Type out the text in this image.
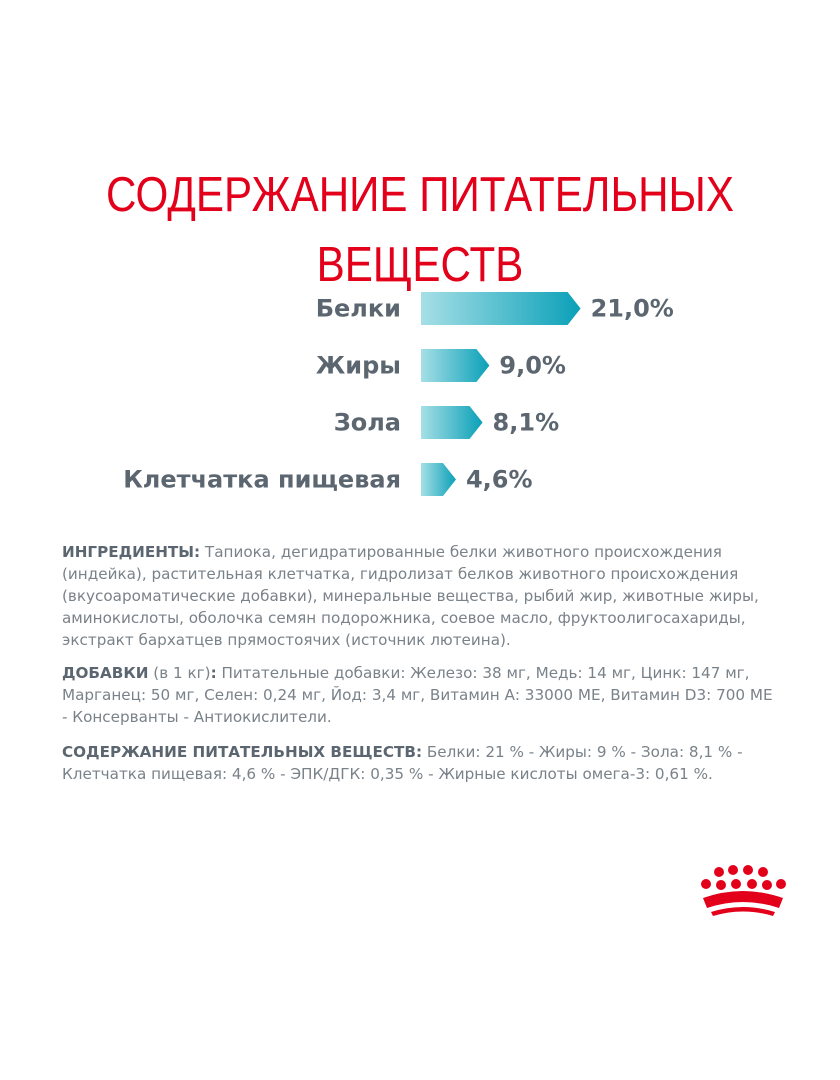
СОДЕРЖАНИЕ ПИТАТЕЛЬНЫХ ВЕЩЕСТВ
Белки	21,0%
Жиры	9,0%
Зола	8,1%
Клетчатка пищевая	4,6%

ИНГРЕДИЕНТЫ: Тапиока, дегидратированные белки животного происхождения (индейка), растительная клетчатка, гидролизат белков животного происхождения (вкусоароматические добавки), минеральные вещества, рыбий жир, животные жиры, аминокислоты, оболочка семян подорожника, соевое масло, фруктоолигосахариды, экстракт бархатцев прямостоячих (источник лютеина).

ДОБАВКИ (в 1 кг): Питательные добавки: Железо: 38 мг, Медь: 14 мг, Цинк: 147 мг, Марганец: 50 мг, Селен: 0,24 мг, Йод: 3,4 мг, Витамин А: 33000 МЕ, Витамин D3: 700 МЕ - Консерванты - Антиокислители.

СОДЕРЖАНИЕ ПИТАТЕЛЬНЫХ ВЕЩЕСТВ: Белки: 21 % - Жиры: 9 % - Зола: 8,1 % - Клетчатка пищевая: 4,6 % - ЭПК/ДГК: 0,35 % - Жирные кислоты омега-3: 0,61 %.
